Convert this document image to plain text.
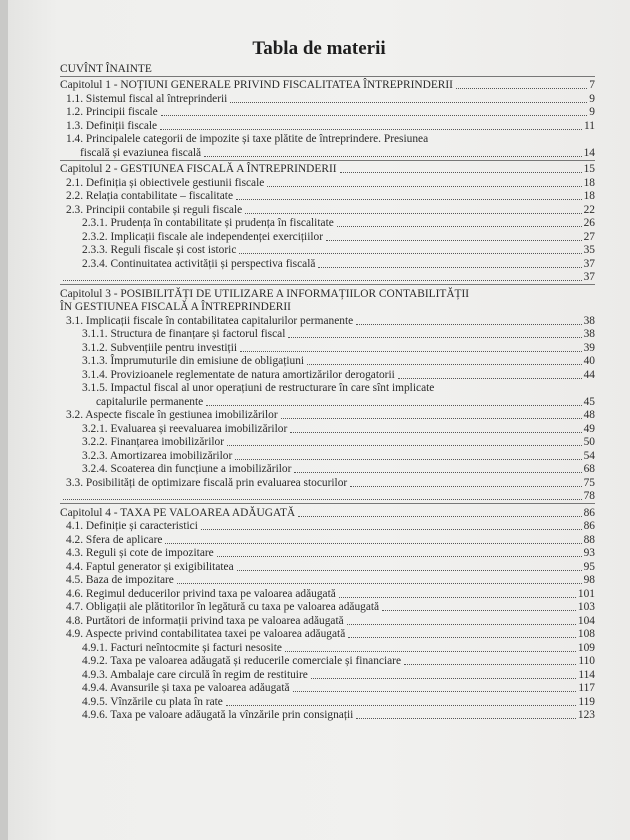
Tabla de materii
CUVÎNT ÎNAINTE
Capitolul 1 - NOȚIUNI GENERALE PRIVIND FISCALITATEA ÎNTREPRINDERII	7
1.1. Sistemul fiscal al întreprinderii	9
1.2. Principii fiscale	9
1.3. Definiții fiscale	11
1.4. Principalele categorii de impozite și taxe plătite de întreprindere. Presiunea
fiscală și evaziunea fiscală	14
Capitolul 2 - GESTIUNEA FISCALĂ A ÎNTREPRINDERII	15
2.1. Definiția și obiectivele gestiunii fiscale	18
2.2. Relația contabilitate – fiscalitate	18
2.3. Principii contabile și reguli fiscale	22
2.3.1. Prudența în contabilitate și prudența în fiscalitate	26
2.3.2. Implicații fiscale ale independenței exercițiilor	27
2.3.3. Reguli fiscale și cost istoric	35
2.3.4. Continuitatea activității și perspectiva fiscală	37
37
Capitolul 3 - POSIBILITĂȚI DE UTILIZARE A INFORMAȚIILOR CONTABILITĂȚII
ÎN GESTIUNEA FISCALĂ A ÎNTREPRINDERII
3.1. Implicații fiscale în contabilitatea capitalurilor permanente	38
3.1.1. Structura de finanțare și factorul fiscal	38
3.1.2. Subvențiile pentru investiții	39
3.1.3. Împrumuturile din emisiune de obligațiuni	40
3.1.4. Provizioanele reglementate de natura amortizărilor derogatorii	44
3.1.5. Impactul fiscal al unor operațiuni de restructurare în care sînt implicate
capitalurile permanente	45
3.2. Aspecte fiscale în gestiunea imobilizărilor	48
3.2.1. Evaluarea și reevaluarea imobilizărilor	49
3.2.2. Finanțarea imobilizărilor	50
3.2.3. Amortizarea imobilizărilor	54
3.2.4. Scoaterea din funcțiune a imobilizărilor	68
3.3. Posibilități de optimizare fiscală prin evaluarea stocurilor	75
78
Capitolul 4 - TAXA PE VALOAREA ADĂUGATĂ	86
4.1. Definiție și caracteristici	86
4.2. Sfera de aplicare	88
4.3. Reguli și cote de impozitare	93
4.4. Faptul generator și exigibilitatea	95
4.5. Baza de impozitare	98
4.6. Regimul deducerilor privind taxa pe valoarea adăugată	101
4.7. Obligații ale plătitorilor în legătură cu taxa pe valoarea adăugată	103
4.8. Purtători de informații privind taxa pe valoarea adăugată	104
4.9. Aspecte privind contabilitatea taxei pe valoarea adăugată	108
4.9.1. Facturi neîntocmite și facturi nesosite	109
4.9.2. Taxa pe valoarea adăugată și reducerile comerciale și financiare	110
4.9.3. Ambalaje care circulă în regim de restituire	114
4.9.4. Avansurile și taxa pe valoarea adăugată	117
4.9.5. Vînzările cu plata în rate	119
4.9.6. Taxa pe valoare adăugată la vînzările prin consignații	123
